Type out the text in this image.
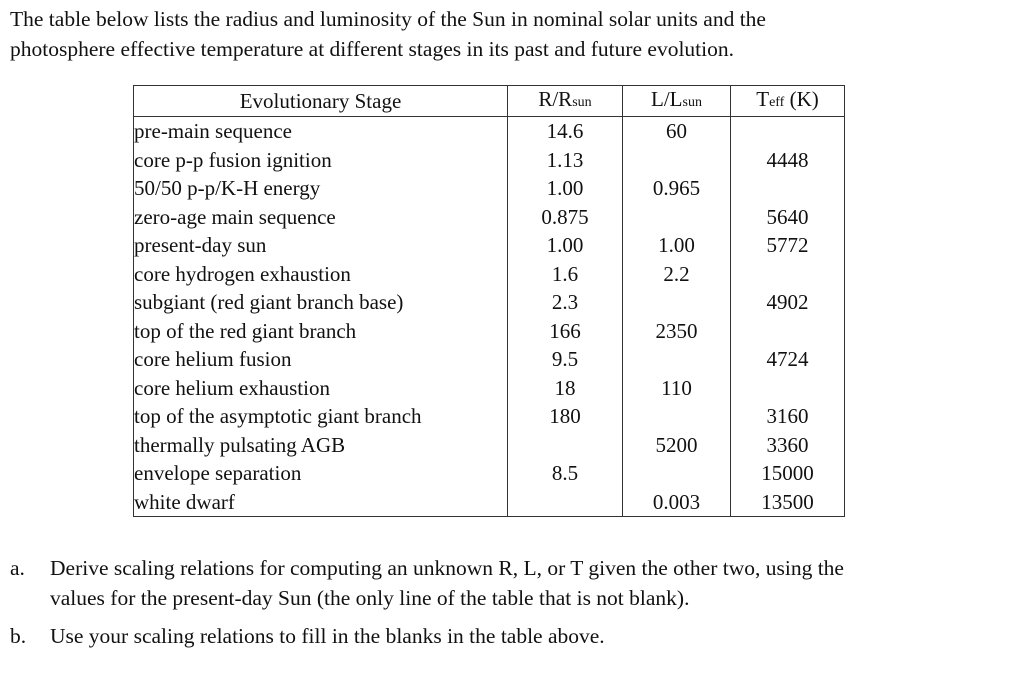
The table below lists the radius and luminosity of the Sun in nominal solar units and the
photosphere effective temperature at different stages in its past and future evolution.
Evolutionary Stage	R/Rsun	L/Lsun	Teff (K)
pre-main sequence	14.6	60	
core p-p fusion ignition	1.13		4448
50/50 p-p/K-H energy	1.00	0.965	
zero-age main sequence	0.875		5640
present-day sun	1.00	1.00	5772
core hydrogen exhaustion	1.6	2.2	
subgiant (red giant branch base)	2.3		4902
top of the red giant branch	166	2350	
core helium fusion	9.5		4724
core helium exhaustion	18	110	
top of the asymptotic giant branch	180		3160
thermally pulsating AGB		5200	3360
envelope separation	8.5		15000
white dwarf		0.003	13500
a. Derive scaling relations for computing an unknown R, L, or T given the other two, using the
values for the present-day Sun (the only line of the table that is not blank).
b. Use your scaling relations to fill in the blanks in the table above.
